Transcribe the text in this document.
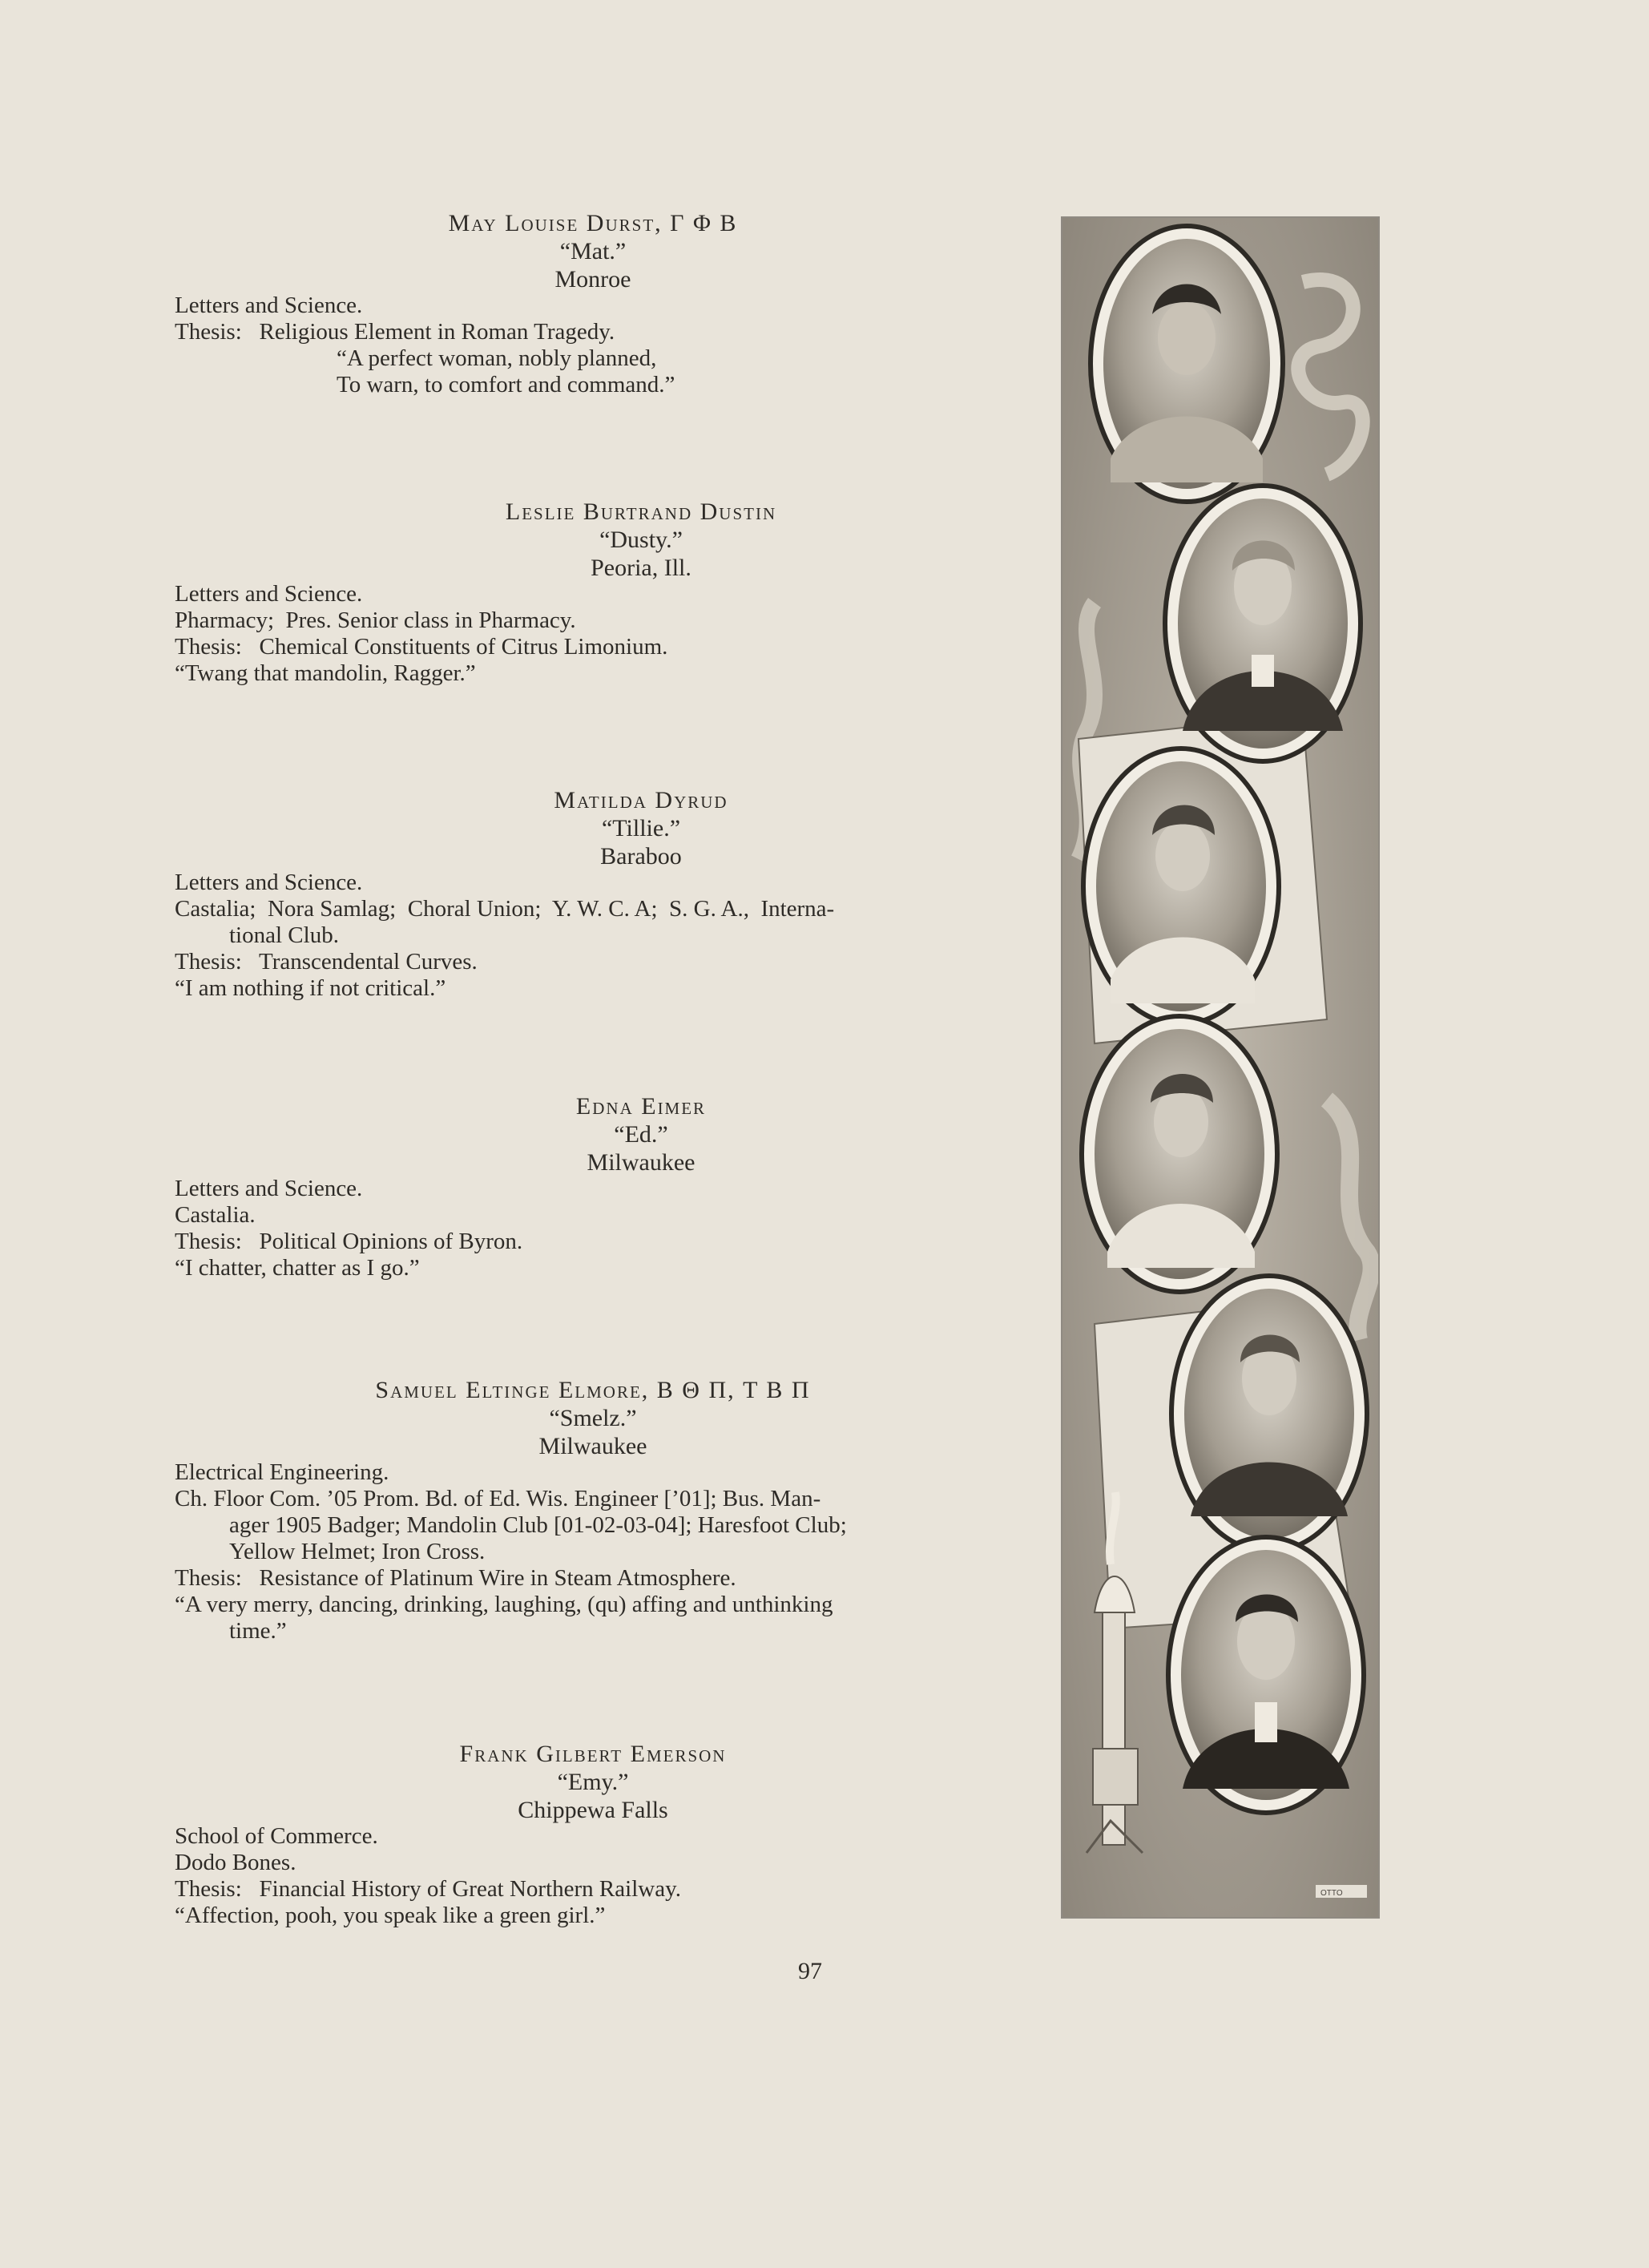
May Louise Durst, Γ Φ B
“Mat.”
Monroe
Letters and Science.
Thesis:   Religious Element in Roman Tragedy.
“A perfect woman, nobly planned,
To warn, to comfort and command.”
Leslie Burtrand Dustin
“Dusty.”
Peoria, Ill.
Letters and Science.
Pharmacy;  Pres. Senior class in Pharmacy.
Thesis:   Chemical Constituents of Citrus Limonium.
“Twang that mandolin, Ragger.”
Matilda Dyrud
“Tillie.”
Baraboo
Letters and Science.
Castalia;  Nora Samlag;  Choral Union;  Y. W. C. A;  S. G. A.,  Interna-
tional Club.
Thesis:   Transcendental Curves.
“I am nothing if not critical.”
Edna Eimer
“Ed.”
Milwaukee
Letters and Science.
Castalia.
Thesis:   Political Opinions of Byron.
“I chatter, chatter as I go.”
Samuel Eltinge Elmore, B Θ Π, T B Π
“Smelz.”
Milwaukee
Electrical Engineering.
Ch. Floor Com. ’05 Prom. Bd. of Ed. Wis. Engineer [’01]; Bus. Man-
ager 1905 Badger; Mandolin Club [01-02-03-04]; Haresfoot Club;
Yellow Helmet; Iron Cross.
Thesis:   Resistance of Platinum Wire in Steam Atmosphere.
“A very merry, dancing, drinking, laughing, (qu) affing and unthinking
time.”
Frank Gilbert Emerson
“Emy.”
Chippewa Falls
School of Commerce.
Dodo Bones.
Thesis:   Financial History of Great Northern Railway.
“Affection, pooh, you speak like a green girl.”
97
OTTO
